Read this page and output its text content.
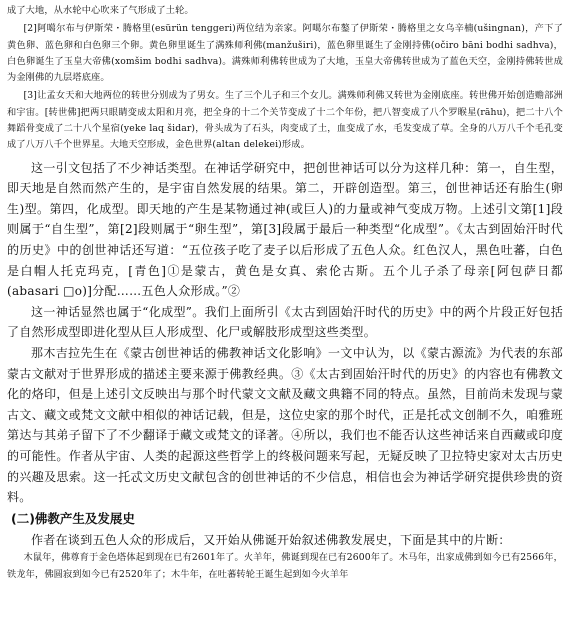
成了大地，从水轮中心吹来了气形成了土轮。

[2]阿噶尔布与伊斯荣・腾格里(esürün tenggeri)两位结为亲家。阿噶尔布鏊了伊斯荣・腾格里之女乌辛楠(ušingnan)，产下了黄色卵、蓝色卵和白色卵三个卵。黄色卵里诞生了满殊师利佛(manžuširi)，蓝色卵里诞生了金刚持佛(očiro bāni bodhi sadhva)，白色卵诞生了玉皇大帝佛(xomšim bodhi sadhva)。满殊师利佛转世成为了大地，玉皇大帝佛转世成为了蓝色天空，金刚持佛转世成为金刚佛的九层塔底座。

[3]让孟女天和大地两位的转世分别成为了男女。生了三个儿子和三个女儿。满殊师利佛又转世为金刚底座。转世佛开始创造赡部洲和宇宙。[转世佛]把两只眼睛变成太阳和月亮，把全身的十二个关节变成了十二个年份，把八智变成了八个罗睺星(rāhu)，把二十八个舞蹈骨变成了二十八个星宿(yeke laq šidar)，骨头成为了石头，肉变成了土，血变成了水，毛发变成了草。全身的八万八千个毛孔变成了八万八千个世界星。大地天空形成，金色世界(altan delekei)形成。

这一引文包括了不少神话类型。在神话学研究中，把创世神话可以分为这样几种：第一，自生型，即天地是自然而然产生的，是宇宙自然发展的结果。第二，开辟创造型。第三，创世神话还有胎生(卵生)型。第四，化成型。即天地的产生是某物通过神(或巨人)的力量或神气变成万物。上述引文第[1]段则属于“自生型”，第[2]段则属于“卵生型”，第[3]段属于最后一种类型“化成型”。《太古到固始汗时代的历史》中的创世神话还写道：“五位孩子吃了麦子以后形成了五色人众。红色汉人，黑色吐蕃，白色是白帽人托克玛克，[青色]①是蒙古，黄色是女真、索伦古斯。五个儿子杀了母亲[阿包萨日都(abasari □o)]分配……五色人众形成。”②

这一神话显然也属于“化成型”。我们上面所引《太古到固始汗时代的历史》中的两个片段正好包括了自然形成型即进化型从巨人形成型、化尸或解肢形成型这些类型。

那木吉拉先生在《蒙古创世神话的佛教神话文化影响》一文中认为，以《蒙古源流》为代表的东部蒙古文献对于世界形成的描述主要来源于佛教经典。③《太古到固始汗时代的历史》的内容也有佛教文化的烙印，但是上述引文反映出与那个时代蒙文文献及藏文典籍不同的特点。虽然，目前尚未发现与蒙古文、藏文或梵文文献中相似的神话记载，但是，这位史家的那个时代，正是托忒文创制不久，咱雅班第达与其弟子留下了不少翻译于藏文或梵文的译著。④所以，我们也不能否认这些神话来自西藏或印度的可能性。作者从宇宙、人类的起源这些哲学上的终极问题来写起，无疑反映了卫拉特史家对太古历史的兴趣及思索。这一托忒文历史文献包含的创世神话的不少信息，相信也会为神话学研究提供珍贵的资料。

(二)佛教产生及发展史

作者在谈到五色人众的形成后，又开始从佛诞开始叙述佛教发展史，下面是其中的片断：

木鼠年，佛尊育于金色塔体起到现在已有2601年了。火羊年，佛诞到现在已有2600年了。木马年，出家成佛到如今已有2566年，铁龙年，佛圆寂到如今已有2520年了；木牛年，在吐蕃转轮王诞生起到如今火羊年
